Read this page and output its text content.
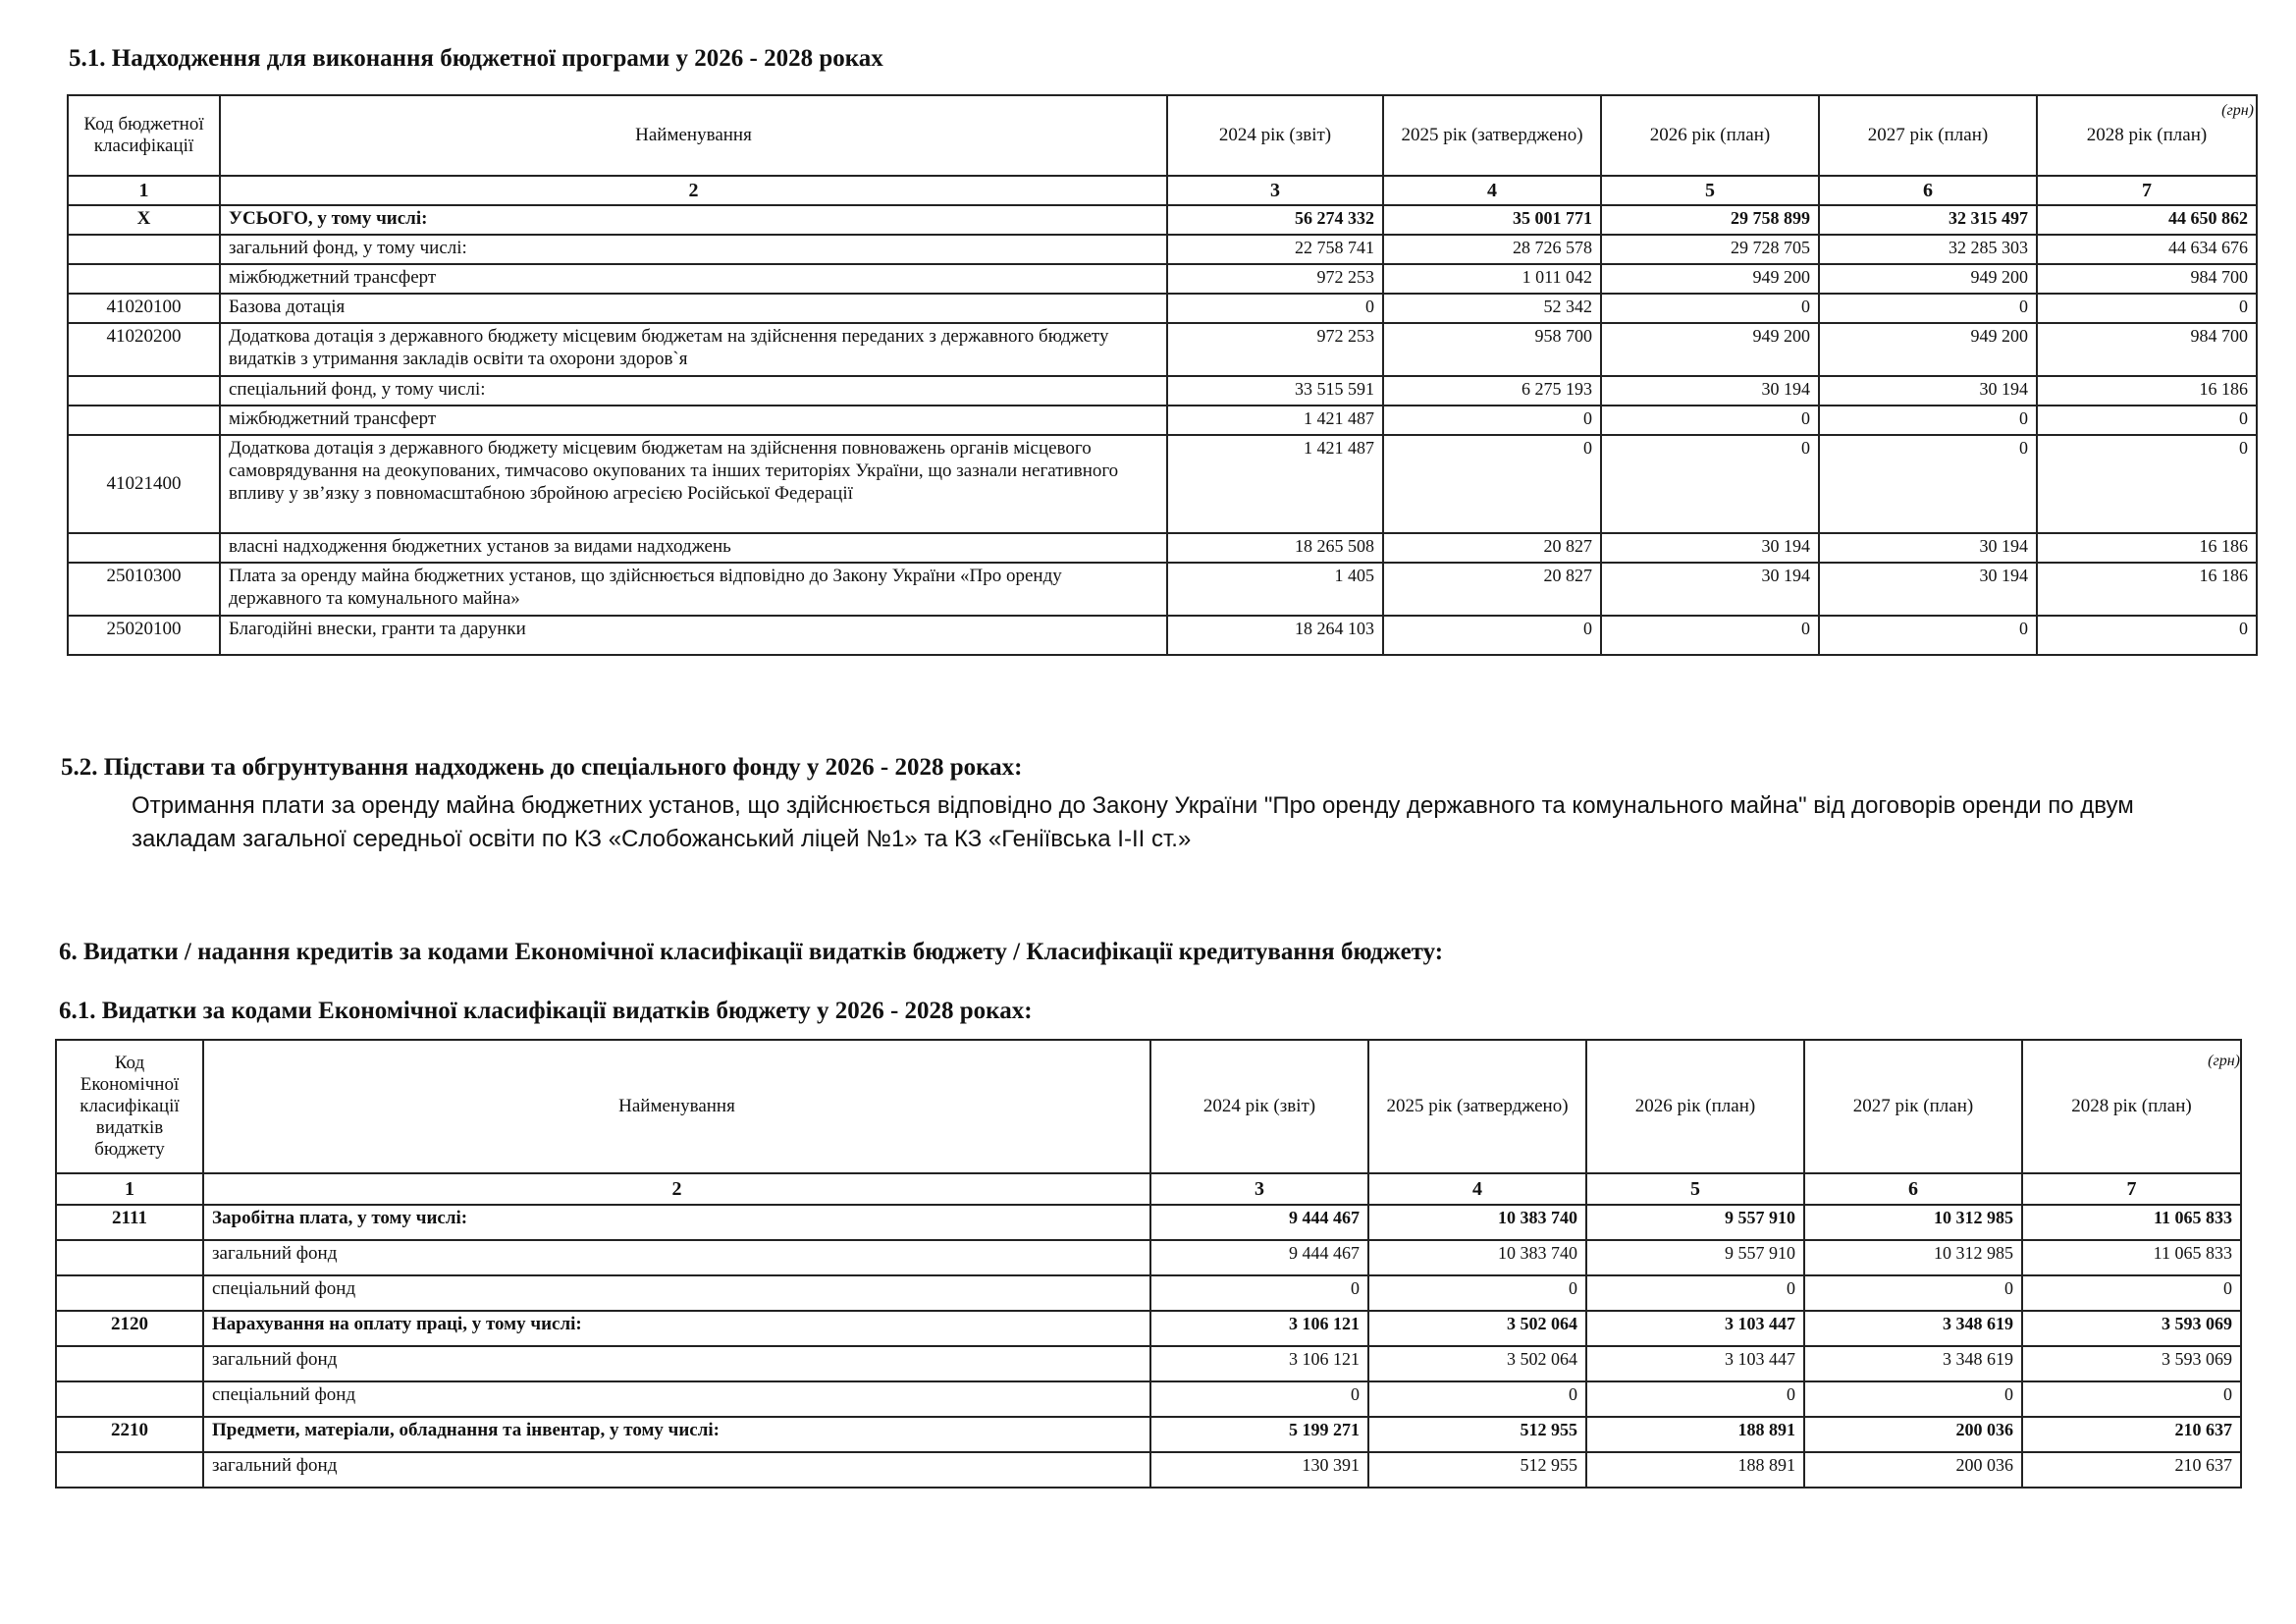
5.1. Надходження для виконання бюджетної програми у 2026 - 2028 роках
(грн)
Код бюджетної класифікації	Найменування	2024 рік (звіт)	2025 рік (затверджено)	2026 рік (план)	2027 рік (план)	2028 рік (план)
1	2	3	4	5	6	7
Х	УСЬОГО, у тому числі:	56 274 332	35 001 771	29 758 899	32 315 497	44 650 862
	загальний фонд, у тому числі:	22 758 741	28 726 578	29 728 705	32 285 303	44 634 676
	міжбюджетний трансферт	972 253	1 011 042	949 200	949 200	984 700
41020100	Базова дотація	0	52 342	0	0	0
41020200	Додаткова дотація з державного бюджету місцевим бюджетам на здійснення переданих з державного бюджету видатків з утримання закладів освіти та охорони здоров`я	972 253	958 700	949 200	949 200	984 700
	спеціальний фонд, у тому числі:	33 515 591	6 275 193	30 194	30 194	16 186
	міжбюджетний трансферт	1 421 487	0	0	0	0
41021400	Додаткова дотація з державного бюджету місцевим бюджетам на здійснення повноважень органів місцевого самоврядування на деокупованих, тимчасово окупованих та інших територіях України, що зазнали негативного впливу у зв’язку з повномасштабною збройною агресією Російської Федерації	1 421 487	0	0	0	0
	власні надходження бюджетних установ за видами надходжень	18 265 508	20 827	30 194	30 194	16 186
25010300	Плата за оренду майна бюджетних установ, що здійснюється відповідно до Закону України «Про оренду державного та комунального майна»	1 405	20 827	30 194	30 194	16 186
25020100	Благодійні внески, гранти та дарунки	18 264 103	0	0	0	0
5.2. Підстави та обгрунтування надходжень до спеціального фонду у 2026 - 2028 роках:
Отримання плати за оренду майна бюджетних установ, що здійснюється відповідно до Закону України "Про оренду державного та комунального майна" від договорів оренди по двум закладам загальної середньої освіти по КЗ «Слобожанський ліцей №1» та КЗ «Геніївська І-ІІ ст.»
6. Видатки / надання кредитів за кодами Економічної класифікації видатків бюджету / Класифікації кредитування бюджету:
6.1. Видатки за кодами Економічної класифікації видатків бюджету у 2026 - 2028 роках:
(грн)
Код Економічної класифікації видатків бюджету	Найменування	2024 рік (звіт)	2025 рік (затверджено)	2026 рік (план)	2027 рік (план)	2028 рік (план)
1	2	3	4	5	6	7
2111	Заробітна плата, у тому числі:	9 444 467	10 383 740	9 557 910	10 312 985	11 065 833
	загальний фонд	9 444 467	10 383 740	9 557 910	10 312 985	11 065 833
	спеціальний фонд	0	0	0	0	0
2120	Нарахування на оплату праці, у тому числі:	3 106 121	3 502 064	3 103 447	3 348 619	3 593 069
	загальний фонд	3 106 121	3 502 064	3 103 447	3 348 619	3 593 069
	спеціальний фонд	0	0	0	0	0
2210	Предмети, матеріали, обладнання та інвентар, у тому числі:	5 199 271	512 955	188 891	200 036	210 637
	загальний фонд	130 391	512 955	188 891	200 036	210 637
